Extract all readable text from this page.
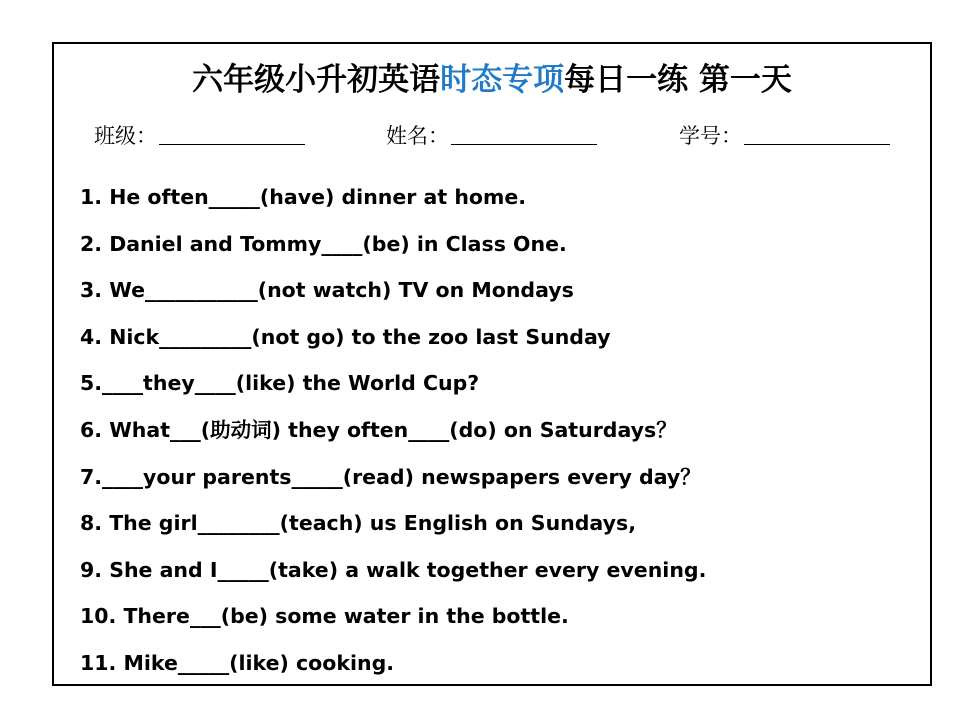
六年级小升初英语时态专项每日一练 第一天
班级：	姓名：	学号：
1. He often_____(have) dinner at home.
2. Daniel and Tommy____(be) in Class One.
3. We___________(not watch) TV on Mondays
4. Nick_________(not go) to the zoo last Sunday
5.____they____(like) the World Cup?
6. What___(助动词) they often____(do) on Saturdays？
7.____your parents_____(read) newspapers every day？
8. The girl________(teach) us English on Sundays,
9. She and I_____(take) a walk together every evening.
10. There___(be) some water in the bottle.
11. Mike_____(like) cooking.
